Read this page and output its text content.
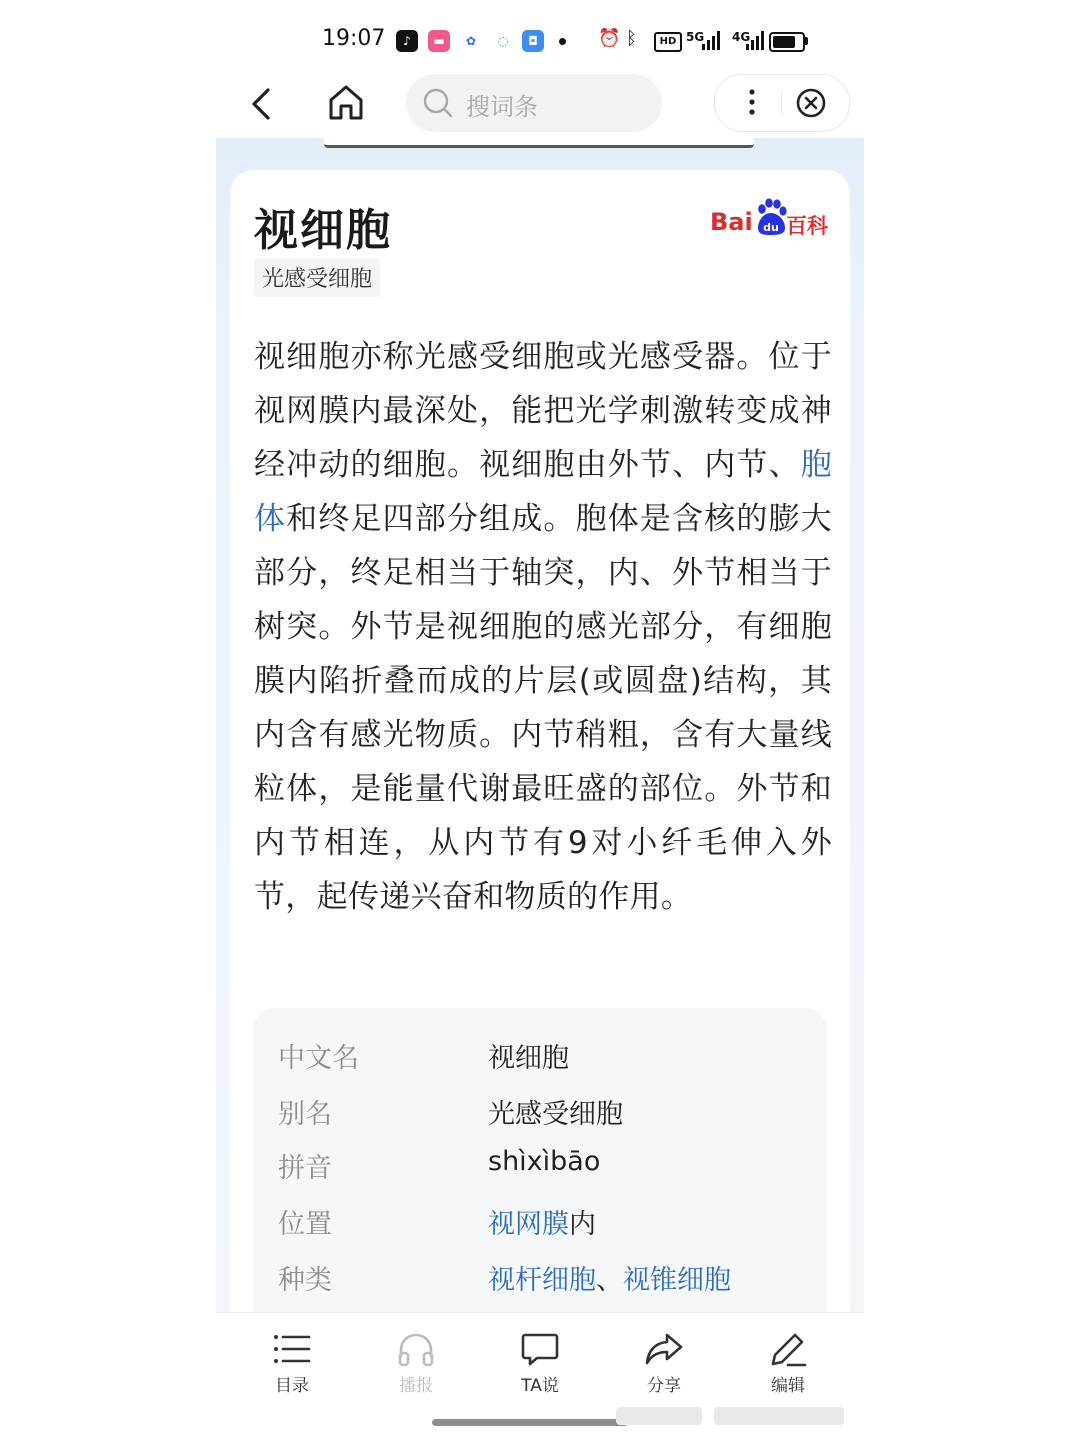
19:07	♪	▬	✿	◌	◘	⏰ ᛒ	HD 5G 4G
搜词条
视细胞	Bai du 百科
光感受细胞
视细胞亦称光感受细胞或光感受器。位于视网膜内最深处，能把光学刺激转变成神经冲动的细胞。视细胞由外节、内节、胞体和终足四部分组成。胞体是含核的膨大部分，终足相当于轴突，内、外节相当于树突。外节是视细胞的感光部分，有细胞膜内陷折叠而成的片层(或圆盘)结构，其内含有感光物质。内节稍粗，含有大量线粒体，是能量代谢最旺盛的部位。外节和内节相连，从内节有9对小纤毛伸入外节，起传递兴奋和物质的作用。
中文名	视细胞
别名	光感受细胞
拼音	shìxìbāo
位置	视网膜内
种类	视杆细胞、视锥细胞
目录	播报	TA说	分享	编辑
